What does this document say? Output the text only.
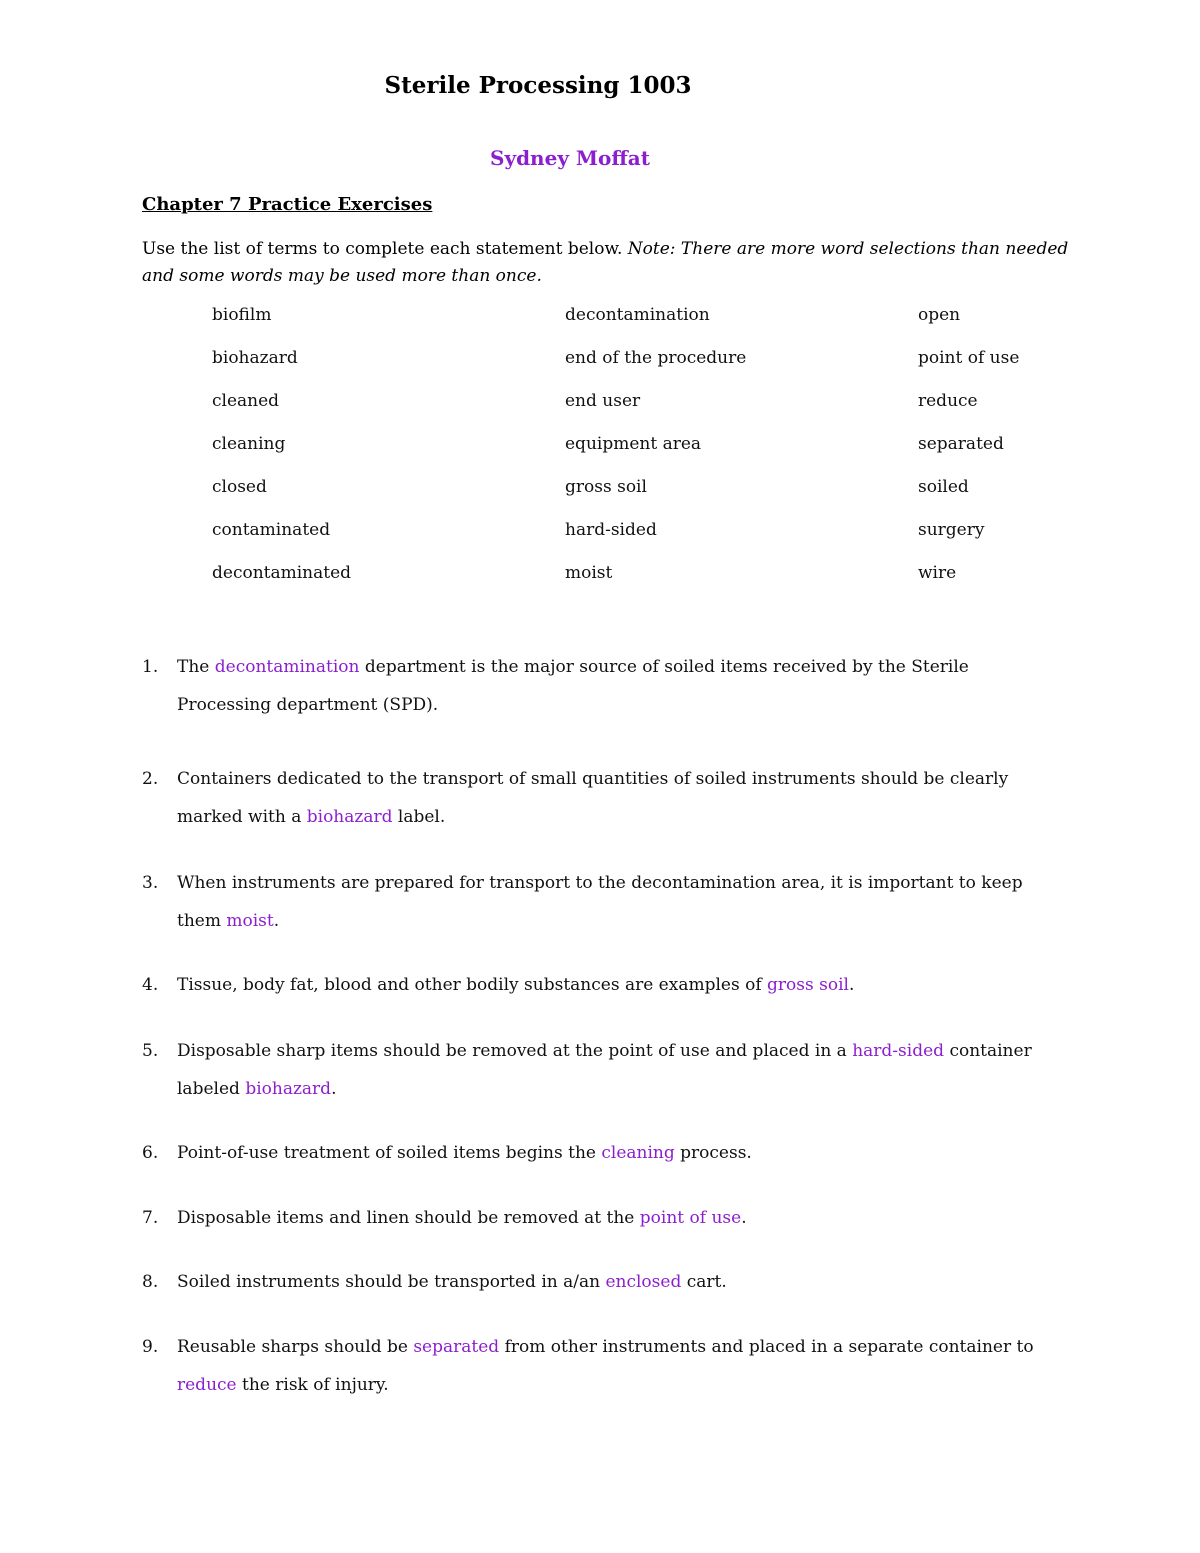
Sterile Processing 1003
Sydney Moffat
Chapter 7 Practice Exercises
Use the list of terms to complete each statement below. Note: There are more word selections than needed and some words may be used more than once.
biofilm
biohazard
cleaned
cleaning
closed
contaminated
decontaminated
decontamination
end of the procedure
end user
equipment area
gross soil
hard-sided
moist
open
point of use
reduce
separated
soiled
surgery
wire
1. The decontamination department is the major source of soiled items received by the Sterile Processing department (SPD).
2. Containers dedicated to the transport of small quantities of soiled instruments should be clearly marked with a biohazard label.
3. When instruments are prepared for transport to the decontamination area, it is important to keep them moist.
4. Tissue, body fat, blood and other bodily substances are examples of gross soil.
5. Disposable sharp items should be removed at the point of use and placed in a hard-sided container labeled biohazard.
6. Point-of-use treatment of soiled items begins the cleaning process.
7. Disposable items and linen should be removed at the point of use.
8. Soiled instruments should be transported in a/an enclosed cart.
9. Reusable sharps should be separated from other instruments and placed in a separate container to reduce the risk of injury.
